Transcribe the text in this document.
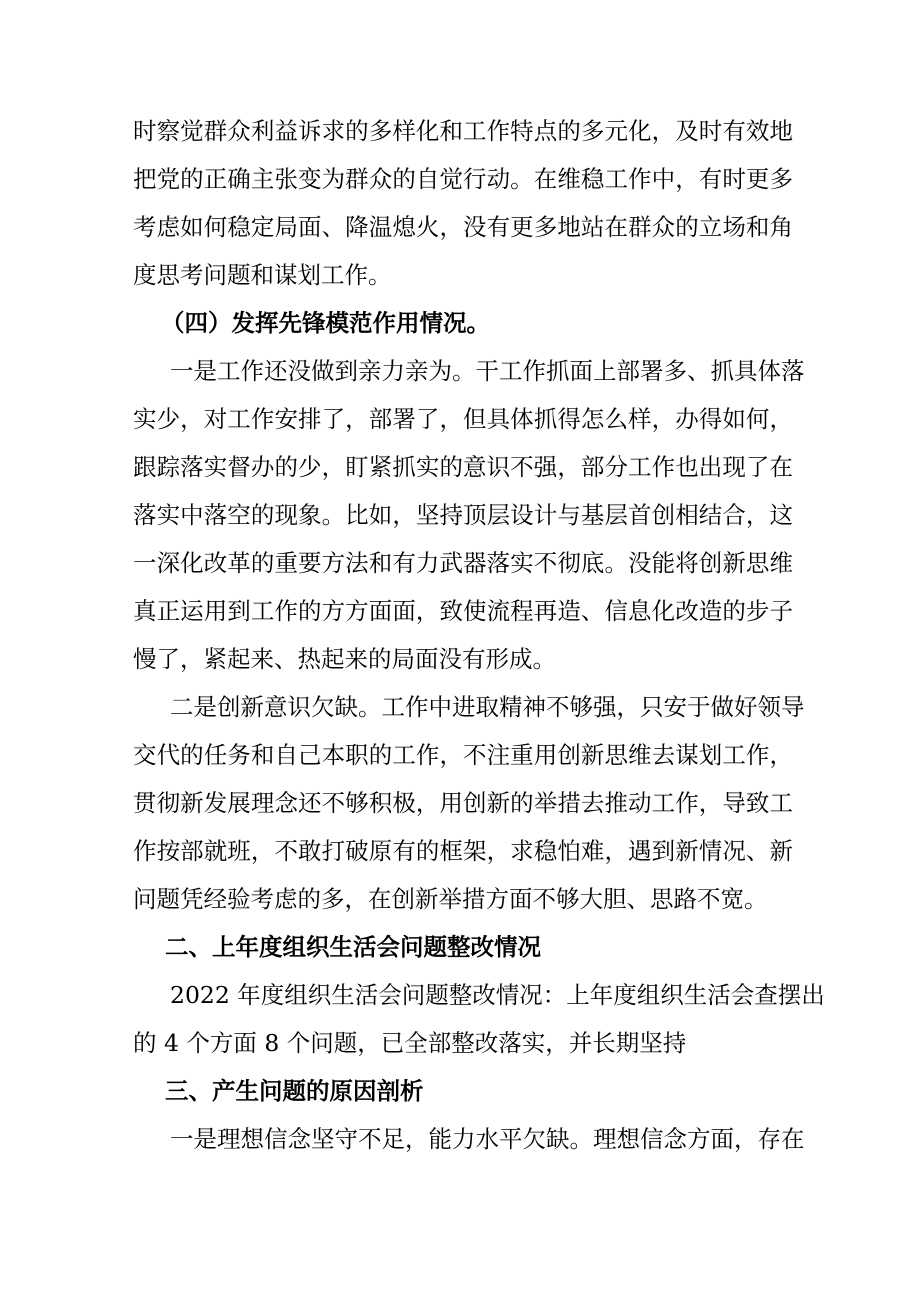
时察觉群众利益诉求的多样化和工作特点的多元化，及时有效地
把党的正确主张变为群众的自觉行动。在维稳工作中，有时更多
考虑如何稳定局面、降温熄火，没有更多地站在群众的立场和角
度思考问题和谋划工作。
（四）发挥先锋模范作用情况。
一是工作还没做到亲力亲为。干工作抓面上部署多、抓具体落
实少，对工作安排了，部署了，但具体抓得怎么样，办得如何，
跟踪落实督办的少，盯紧抓实的意识不强，部分工作也出现了在
落实中落空的现象。比如，坚持顶层设计与基层首创相结合，这
一深化改革的重要方法和有力武器落实不彻底。没能将创新思维
真正运用到工作的方方面面，致使流程再造、信息化改造的步子
慢了，紧起来、热起来的局面没有形成。
二是创新意识欠缺。工作中进取精神不够强，只安于做好领导
交代的任务和自己本职的工作，不注重用创新思维去谋划工作，
贯彻新发展理念还不够积极，用创新的举措去推动工作，导致工
作按部就班，不敢打破原有的框架，求稳怕难，遇到新情况、新
问题凭经验考虑的多，在创新举措方面不够大胆、思路不宽。
二、上年度组织生活会问题整改情况
2022 年度组织生活会问题整改情况：上年度组织生活会查摆出
的 4 个方面 8 个问题，已全部整改落实，并长期坚持
三、产生问题的原因剖析
一是理想信念坚守不足，能力水平欠缺。理想信念方面，存在
